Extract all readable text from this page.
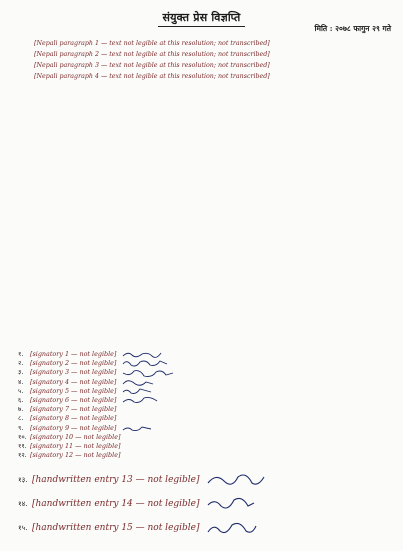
संयुक्त प्रेस विज्ञप्ति
मिति : २०७८ फागुन २९ गते

[Nepali paragraph 1 — text not legible at this resolution; not transcribed]

[Nepali paragraph 2 — text not legible at this resolution; not transcribed]

[Nepali paragraph 3 — text not legible at this resolution; not transcribed]

[Nepali paragraph 4 — text not legible at this resolution; not transcribed]

१.	[signatory 1 — not legible]
२.	[signatory 2 — not legible]
३.	[signatory 3 — not legible]
४.	[signatory 4 — not legible]
५.	[signatory 5 — not legible]
६.	[signatory 6 — not legible]
७.	[signatory 7 — not legible]
८.	[signatory 8 — not legible]
९.	[signatory 9 — not legible]
१०. [signatory 10 — not legible]
११. [signatory 11 — not legible]
१२. [signatory 12 — not legible]
१३. [handwritten entry 13 — not legible]
१४. [handwritten entry 14 — not legible]
१५. [handwritten entry 15 — not legible]
